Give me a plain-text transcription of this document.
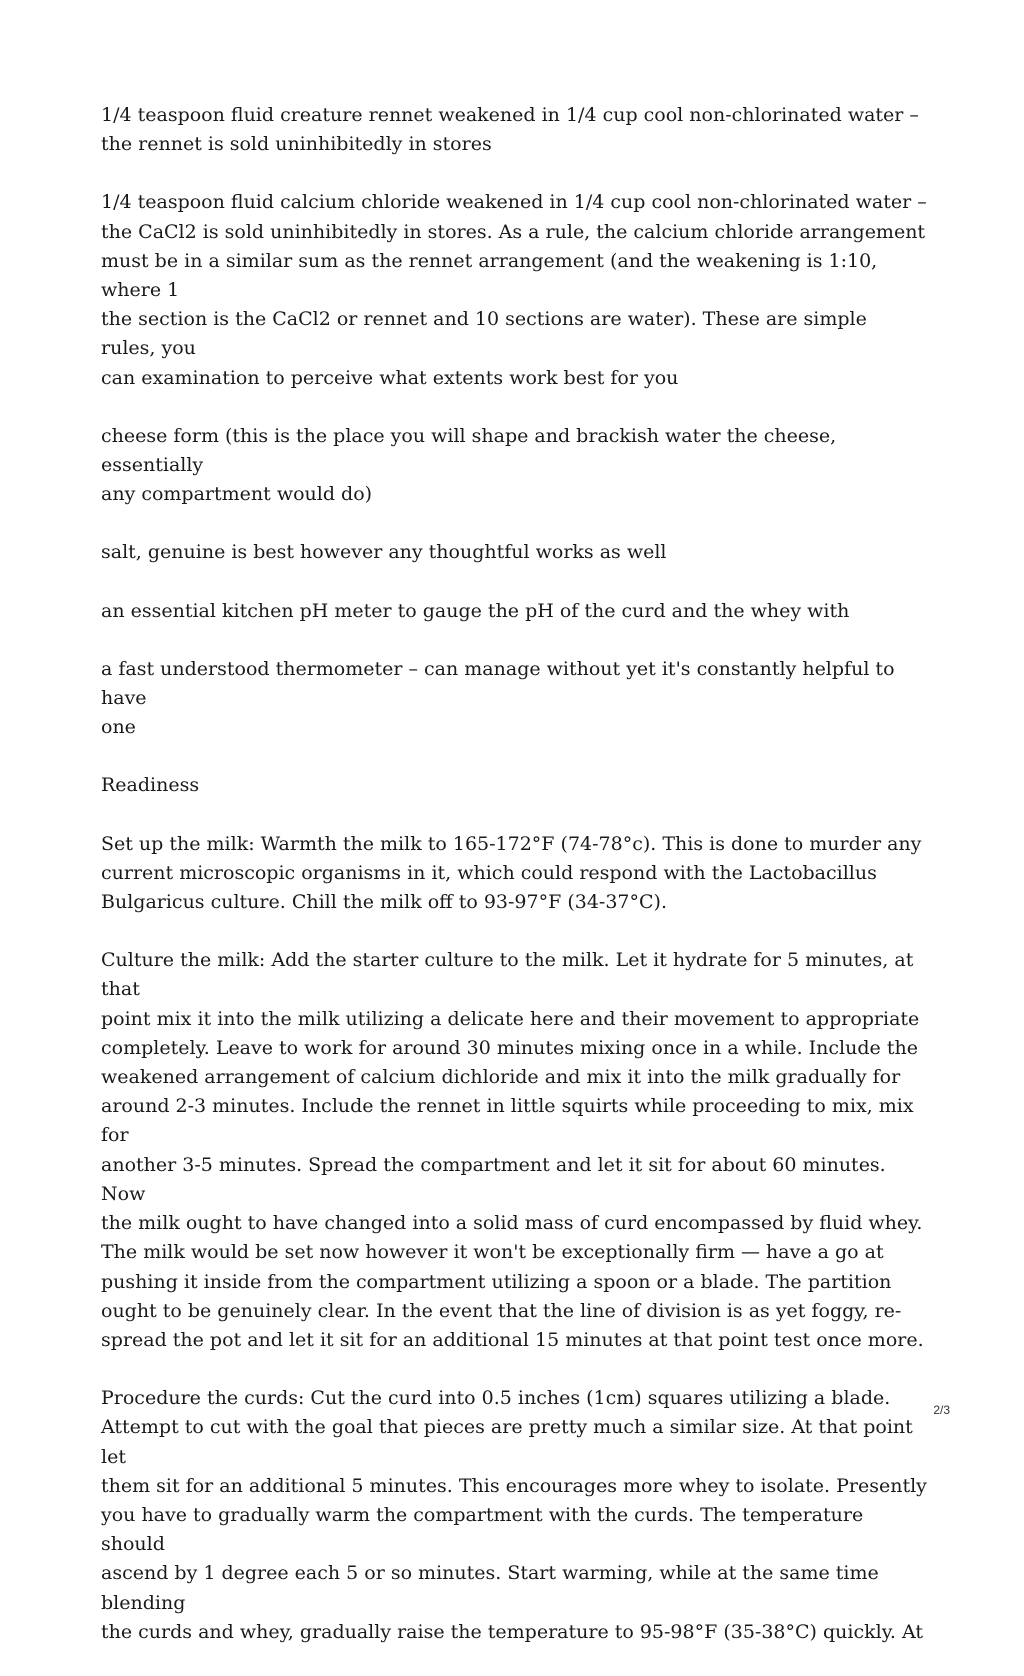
1/4 teaspoon fluid creature rennet weakened in 1/4 cup cool non-chlorinated water –
the rennet is sold uninhibitedly in stores

1/4 teaspoon fluid calcium chloride weakened in 1/4 cup cool non-chlorinated water –
the CaCl2 is sold uninhibitedly in stores. As a rule, the calcium chloride arrangement
must be in a similar sum as the rennet arrangement (and the weakening is 1:10, where 1
the section is the CaCl2 or rennet and 10 sections are water). These are simple rules, you
can examination to perceive what extents work best for you

cheese form (this is the place you will shape and brackish water the cheese, essentially
any compartment would do)

salt, genuine is best however any thoughtful works as well

an essential kitchen pH meter to gauge the pH of the curd and the whey with

a fast understood thermometer – can manage without yet it's constantly helpful to have
one

Readiness

Set up the milk: Warmth the milk to 165-172°F (74-78°c). This is done to murder any
current microscopic organisms in it, which could respond with the Lactobacillus
Bulgaricus culture. Chill the milk off to 93-97°F (34-37°C).

Culture the milk: Add the starter culture to the milk. Let it hydrate for 5 minutes, at that
point mix it into the milk utilizing a delicate here and their movement to appropriate
completely. Leave to work for around 30 minutes mixing once in a while. Include the
weakened arrangement of calcium dichloride and mix it into the milk gradually for
around 2-3 minutes. Include the rennet in little squirts while proceeding to mix, mix for
another 3-5 minutes. Spread the compartment and let it sit for about 60 minutes. Now
the milk ought to have changed into a solid mass of curd encompassed by fluid whey.
The milk would be set now however it won't be exceptionally firm — have a go at
pushing it inside from the compartment utilizing a spoon or a blade. The partition
ought to be genuinely clear. In the event that the line of division is as yet foggy, re-
spread the pot and let it sit for an additional 15 minutes at that point test once more.

Procedure the curds: Cut the curd into 0.5 inches (1cm) squares utilizing a blade.
Attempt to cut with the goal that pieces are pretty much a similar size. At that point let
them sit for an additional 5 minutes. This encourages more whey to isolate. Presently
you have to gradually warm the compartment with the curds. The temperature should
ascend by 1 degree each 5 or so minutes. Start warming, while at the same time blending
the curds and whey, gradually raise the temperature to 95-98°F (35-38°C) quickly. At

2/3
